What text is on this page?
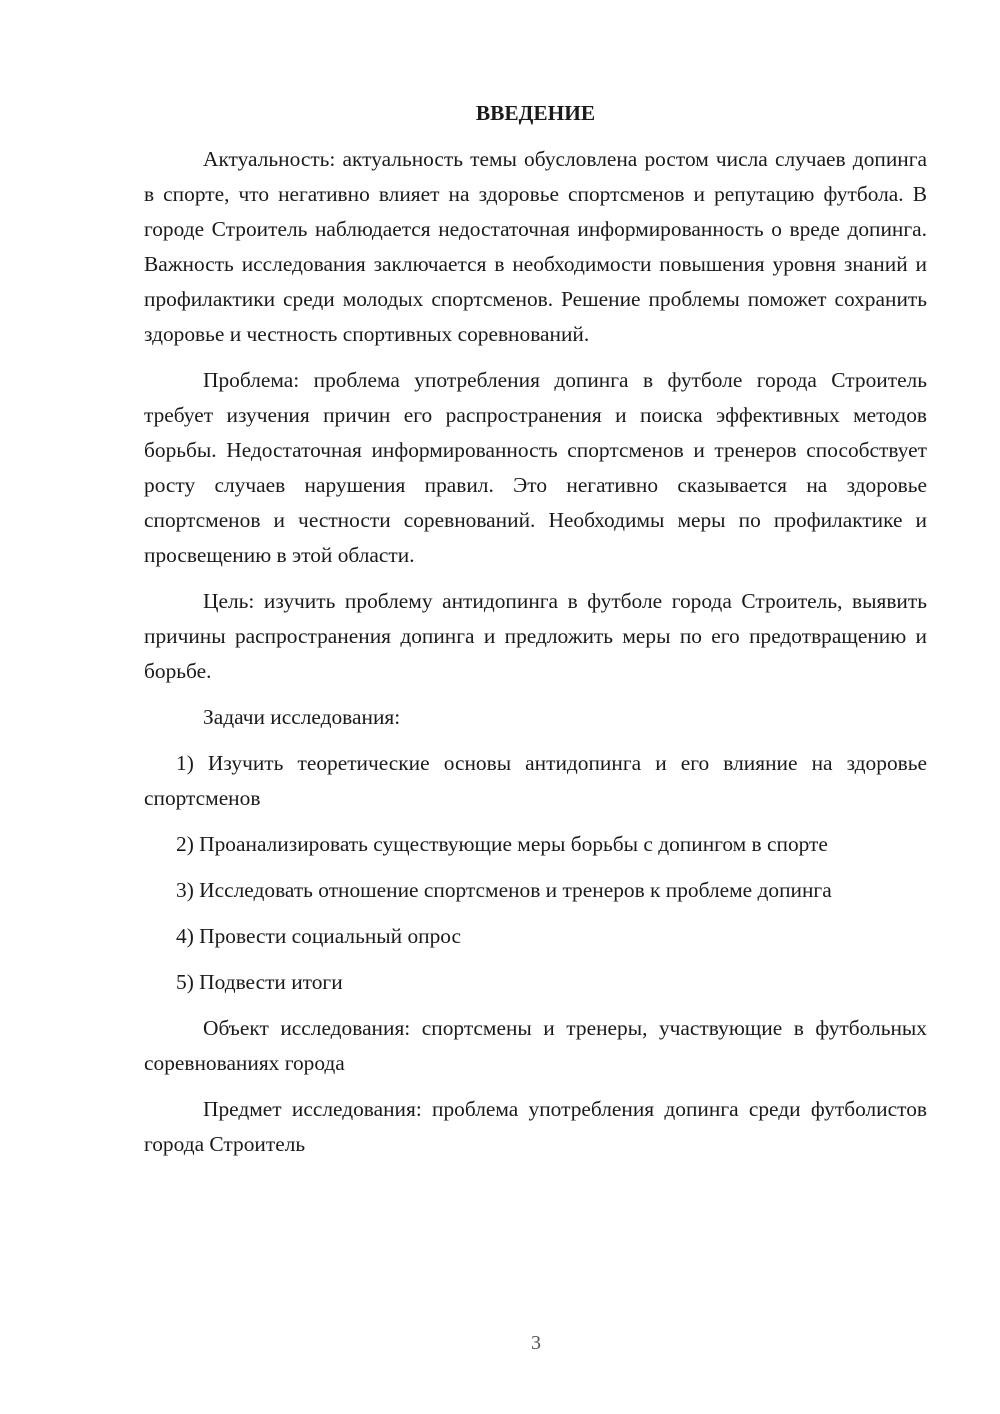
ВВЕДЕНИЕ

Актуальность: актуальность темы обусловлена ростом числа случаев допинга в спорте, что негативно влияет на здоровье спортсменов и репутацию футбола. В городе Строитель наблюдается недостаточная информированность о вреде допинга. Важность исследования заключается в необходимости повышения уровня знаний и профилактики среди молодых спортсменов. Решение проблемы поможет сохранить здоровье и честность спортивных соревнований.

Проблема: проблема употребления допинга в футболе города Строитель требует изучения причин его распространения и поиска эффективных методов борьбы. Недостаточная информированность спортсменов и тренеров способствует росту случаев нарушения правил. Это негативно сказывается на здоровье спортсменов и честности соревнований. Необходимы меры по профилактике и просвещению в этой области.

Цель: изучить проблему антидопинга в футболе города Строитель, выявить причины распространения допинга и предложить меры по его предотвращению и борьбе.

Задачи исследования:

1) Изучить теоретические основы антидопинга и его влияние на здоровье спортсменов

2) Проанализировать существующие меры борьбы с допингом в спорте

3) Исследовать отношение спортсменов и тренеров к проблеме допинга

4) Провести социальный опрос

5) Подвести итоги

Объект исследования: спортсмены и тренеры, участвующие в футбольных соревнованиях города

Предмет исследования: проблема употребления допинга среди футболистов города Строитель

3
